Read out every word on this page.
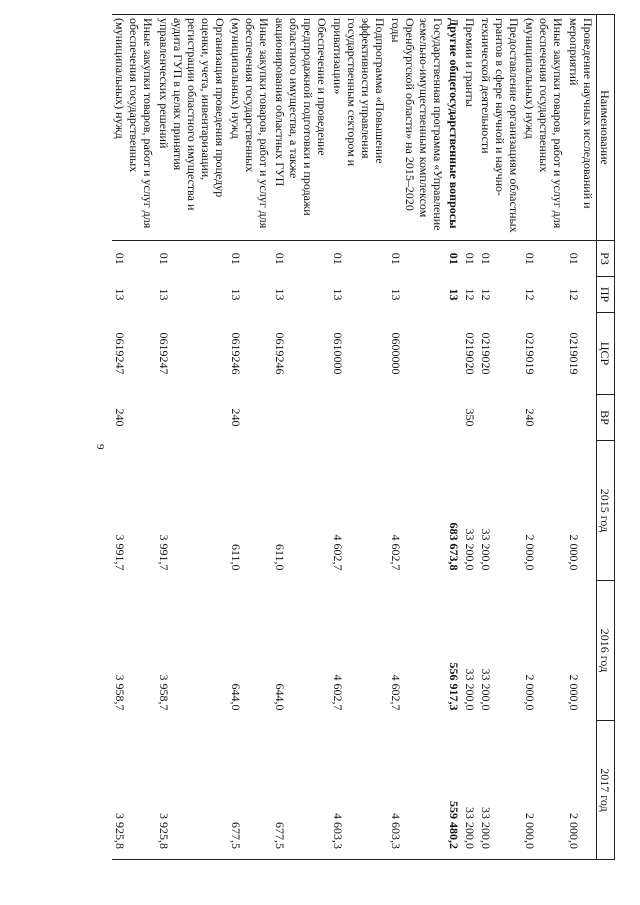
9
Наименование	РЗ	ПР	ЦСР	ВР	2015 год	2016 год	2017 год
Проведение научных исследований и мероприятий	01	12	0219019		2 000,0	2 000,0	2 000,0
Иные закупки товаров, работ и услуг для обеспечения государственных (муниципальных) нужд	01	12	0219019	240	2 000,0	2 000,0	2 000,0
Предоставление организациям областных грантов в сфере научной и научно-технической деятельности	01	12	0219020		33 200,0	33 200,0	33 200,0
Премии и гранты	01	12	0219020	350	33 200,0	33 200,0	33 200,0
Другие общегосударственные вопросы	01	13			683 673,8	556 917,3	559 480,2
Государственная программа «Управление земельно-имущественным комплексом Оренбургской области» на 2015–2020 годы	01	13	0600000		4 602,7	4 602,7	4 603,3
Подпрограмма «Повышение эффективности управления государственным сектором и приватизации»	01	13	0610000		4 602,7	4 602,7	4 603,3
Обеспечение и проведение предпродажной подготовки и продажи областного имущества, а также акционирования областных ГУП	01	13	0619246		611,0	644,0	677,5
Иные закупки товаров, работ и услуг для обеспечения государственных (муниципальных) нужд	01	13	0619246	240	611,0	644,0	677,5
Организация проведения процедур оценки, учета, инвентаризации, регистрации областного имущества и аудита ГУП в целях принятия управленческих решений	01	13	0619247		3 991,7	3 958,7	3 925,8
Иные закупки товаров, работ и услуг для обеспечения государственных (муниципальных) нужд	01	13	0619247	240	3 991,7	3 958,7	3 925,8
